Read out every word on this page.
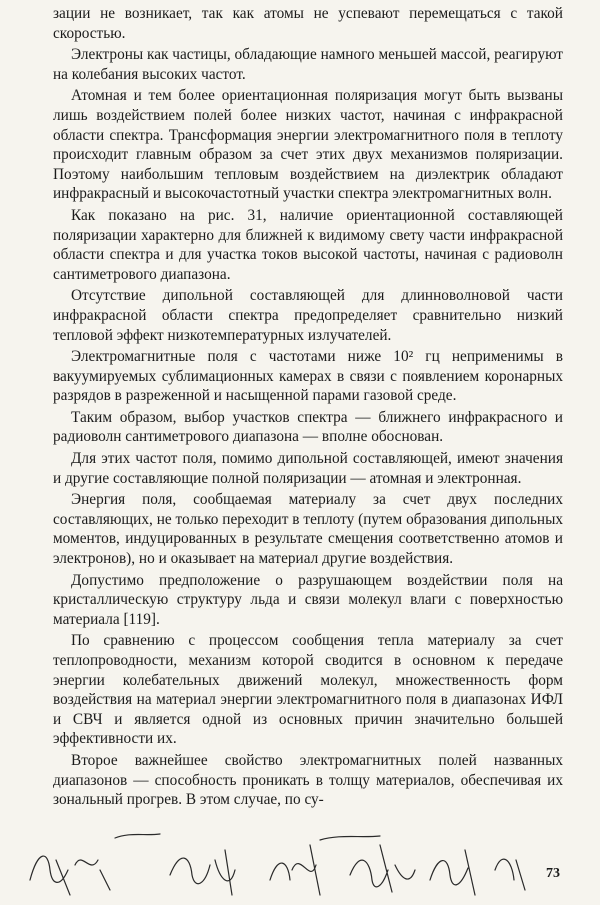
зации не возникает, так как атомы не успевают перемещаться с такой скоростью.

Электроны как частицы, обладающие намного меньшей массой, реагируют на колебания высоких частот.

Атомная и тем более ориентационная поляризация могут быть вызваны лишь воздействием полей более низких частот, начиная с инфракрасной области спектра. Трансформация энергии электромагнитного поля в теплоту происходит главным образом за счет этих двух механизмов поляризации. Поэтому наибольшим тепловым воздействием на диэлектрик обладают инфракрасный и высокочастотный участки спектра электромагнитных волн.

Как показано на рис. 31, наличие ориентационной составляющей поляризации характерно для ближней к видимому свету части инфракрасной области спектра и для участка токов высокой частоты, начиная с радиоволн сантиметрового диапазона.

Отсутствие дипольной составляющей для длинноволновой части инфракрасной области спектра предопределяет сравнительно низкий тепловой эффект низкотемпературных излучателей.

Электромагнитные поля с частотами ниже 10² гц неприменимы в вакуумируемых сублимационных камерах в связи с появлением коронарных разрядов в разреженной и насыщенной парами газовой среде.

Таким образом, выбор участков спектра — ближнего инфракрасного и радиоволн сантиметрового диапазона — вполне обоснован.

Для этих частот поля, помимо дипольной составляющей, имеют значения и другие составляющие полной поляризации — атомная и электронная.

Энергия поля, сообщаемая материалу за счет двух последних составляющих, не только переходит в теплоту (путем образования дипольных моментов, индуцированных в результате смещения соответственно атомов и электронов), но и оказывает на материал другие воздействия.

Допустимо предположение о разрушающем воздействии поля на кристаллическую структуру льда и связи молекул влаги с поверхностью материала [119].

По сравнению с процессом сообщения тепла материалу за счет теплопроводности, механизм которой сводится в основном к передаче энергии колебательных движений молекул, множественность форм воздействия на материал энергии электромагнитного поля в диапазонах ИФЛ и СВЧ и является одной из основных причин значительно большей эффективности их.

Второе важнейшее свойство электромагнитных полей названных диапазонов — способность проникать в толщу материалов, обеспечивая их зональный прогрев. В этом случае, по су-

73
